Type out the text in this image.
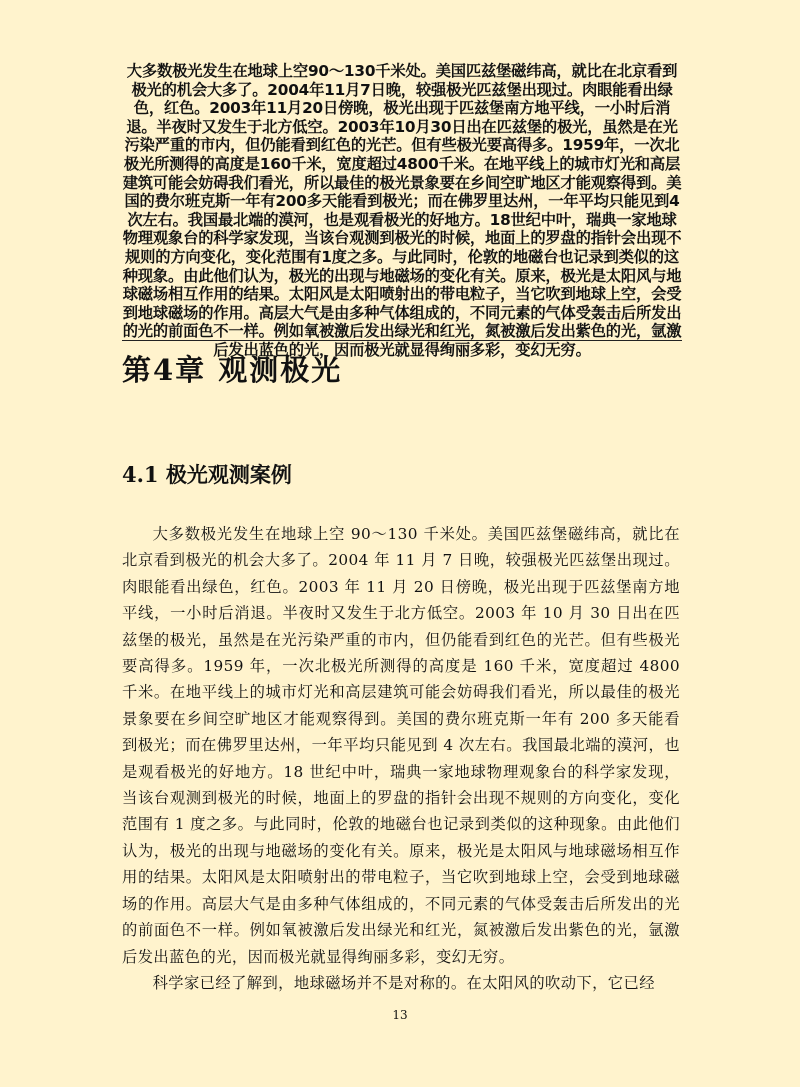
大多数极光发生在地球上空90～130千米处。美国匹兹堡磁纬高，就比在北京看到极光的机会大多了。2004年11月7日晚，较强极光匹兹堡出现过。肉眼能看出绿色，红色。2003年11月20日傍晚，极光出现于匹兹堡南方地平线，一小时后消退。半夜时又发生于北方低空。2003年10月30日出在匹兹堡的极光，虽然是在光污染严重的市内，但仍能看到红色的光芒。但有些极光要高得多。1959年，一次北极光所测得的高度是160千米，宽度超过4800千米。在地平线上的城市灯光和高层建筑可能会妨碍我们看光，所以最佳的极光景象要在乡间空旷地区才能观察得到。美国的费尔班克斯一年有200多天能看到极光；而在佛罗里达州，一年平均只能见到4次左右。我国最北端的漠河，也是观看极光的好地方。18世纪中叶，瑞典一家地球物理观象台的科学家发现，当该台观测到极光的时候，地面上的罗盘的指针会出现不规则的方向变化，变化范围有1度之多。与此同时，伦敦的地磁台也记录到类似的这种现象。由此他们认为，极光的出现与地磁场的变化有关。原来，极光是太阳风与地球磁场相互作用的结果。太阳风是太阳喷射出的带电粒子，当它吹到地球上空，会受到地球磁场的作用。高层大气是由多种气体组成的，不同元素的气体受轰击后所发出的光的前面色不一样。例如氧被激后发出绿光和红光，氮被激后发出紫色的光，氩激后发出蓝色的光，因而极光就显得绚丽多彩，变幻无穷。

第4章 观测极光
4.1 极光观测案例

大多数极光发生在地球上空 90～130 千米处。美国匹兹堡磁纬高，就比在北京看到极光的机会大多了。2004 年 11 月 7 日晚，较强极光匹兹堡出现过。肉眼能看出绿色，红色。2003 年 11 月 20 日傍晚，极光出现于匹兹堡南方地平线，一小时后消退。半夜时又发生于北方低空。2003 年 10 月 30 日出在匹兹堡的极光，虽然是在光污染严重的市内，但仍能看到红色的光芒。但有些极光要高得多。1959 年，一次北极光所测得的高度是 160 千米，宽度超过 4800 千米。在地平线上的城市灯光和高层建筑可能会妨碍我们看光，所以最佳的极光景象要在乡间空旷地区才能观察得到。美国的费尔班克斯一年有 200 多天能看到极光；而在佛罗里达州，一年平均只能见到 4 次左右。我国最北端的漠河，也是观看极光的好地方。18 世纪中叶，瑞典一家地球物理观象台的科学家发现，当该台观测到极光的时候，地面上的罗盘的指针会出现不规则的方向变化，变化范围有 1 度之多。与此同时，伦敦的地磁台也记录到类似的这种现象。由此他们认为，极光的出现与地磁场的变化有关。原来，极光是太阳风与地球磁场相互作用的结果。太阳风是太阳喷射出的带电粒子，当它吹到地球上空，会受到地球磁场的作用。高层大气是由多种气体组成的，不同元素的气体受轰击后所发出的光的前面色不一样。例如氧被激后发出绿光和红光，氮被激后发出紫色的光，氩激后发出蓝色的光，因而极光就显得绚丽多彩，变幻无穷。

科学家已经了解到，地球磁场并不是对称的。在太阳风的吹动下，它已经

13
